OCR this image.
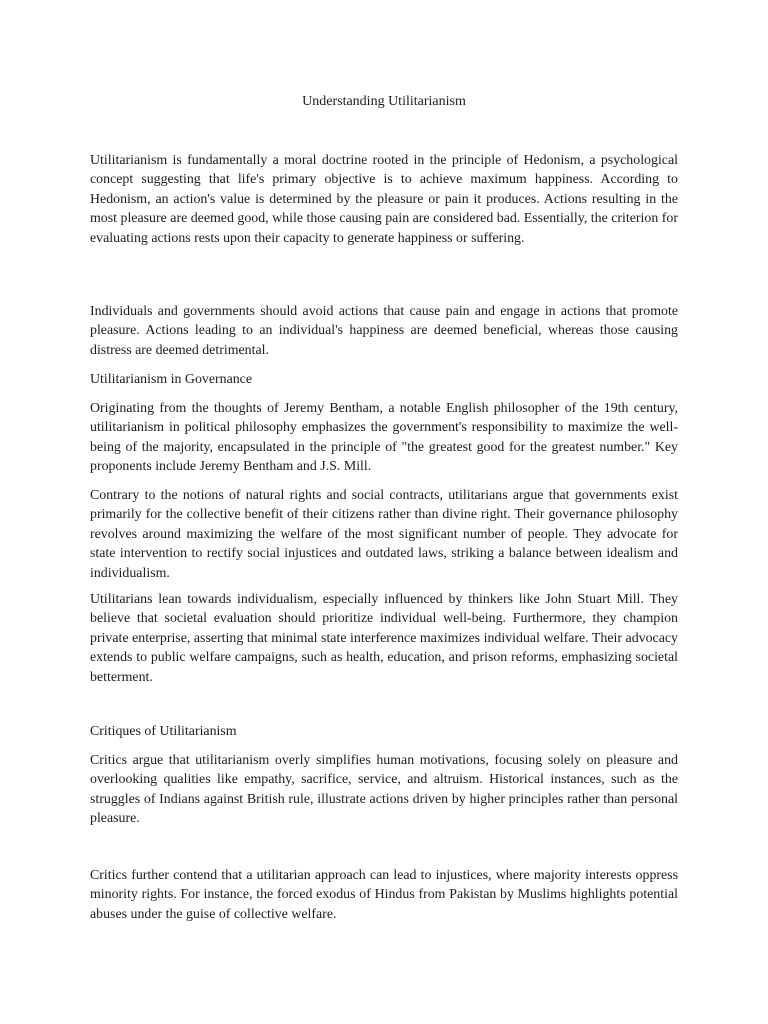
Understanding Utilitarianism

Utilitarianism is fundamentally a moral doctrine rooted in the principle of Hedonism, a psychological concept suggesting that life's primary objective is to achieve maximum happiness. According to Hedonism, an action's value is determined by the pleasure or pain it produces. Actions resulting in the most pleasure are deemed good, while those causing pain are considered bad. Essentially, the criterion for evaluating actions rests upon their capacity to generate happiness or suffering.

Individuals and governments should avoid actions that cause pain and engage in actions that promote pleasure. Actions leading to an individual's happiness are deemed beneficial, whereas those causing distress are deemed detrimental.

Utilitarianism in Governance

Originating from the thoughts of Jeremy Bentham, a notable English philosopher of the 19th century, utilitarianism in political philosophy emphasizes the government's responsibility to maximize the well-being of the majority, encapsulated in the principle of "the greatest good for the greatest number." Key proponents include Jeremy Bentham and J.S. Mill.

Contrary to the notions of natural rights and social contracts, utilitarians argue that governments exist primarily for the collective benefit of their citizens rather than divine right. Their governance philosophy revolves around maximizing the welfare of the most significant number of people. They advocate for state intervention to rectify social injustices and outdated laws, striking a balance between idealism and individualism.

Utilitarians lean towards individualism, especially influenced by thinkers like John Stuart Mill. They believe that societal evaluation should prioritize individual well-being. Furthermore, they champion private enterprise, asserting that minimal state interference maximizes individual welfare. Their advocacy extends to public welfare campaigns, such as health, education, and prison reforms, emphasizing societal betterment.

Critiques of Utilitarianism

Critics argue that utilitarianism overly simplifies human motivations, focusing solely on pleasure and overlooking qualities like empathy, sacrifice, service, and altruism. Historical instances, such as the struggles of Indians against British rule, illustrate actions driven by higher principles rather than personal pleasure.

Critics further contend that a utilitarian approach can lead to injustices, where majority interests oppress minority rights. For instance, the forced exodus of Hindus from Pakistan by Muslims highlights potential abuses under the guise of collective welfare.
